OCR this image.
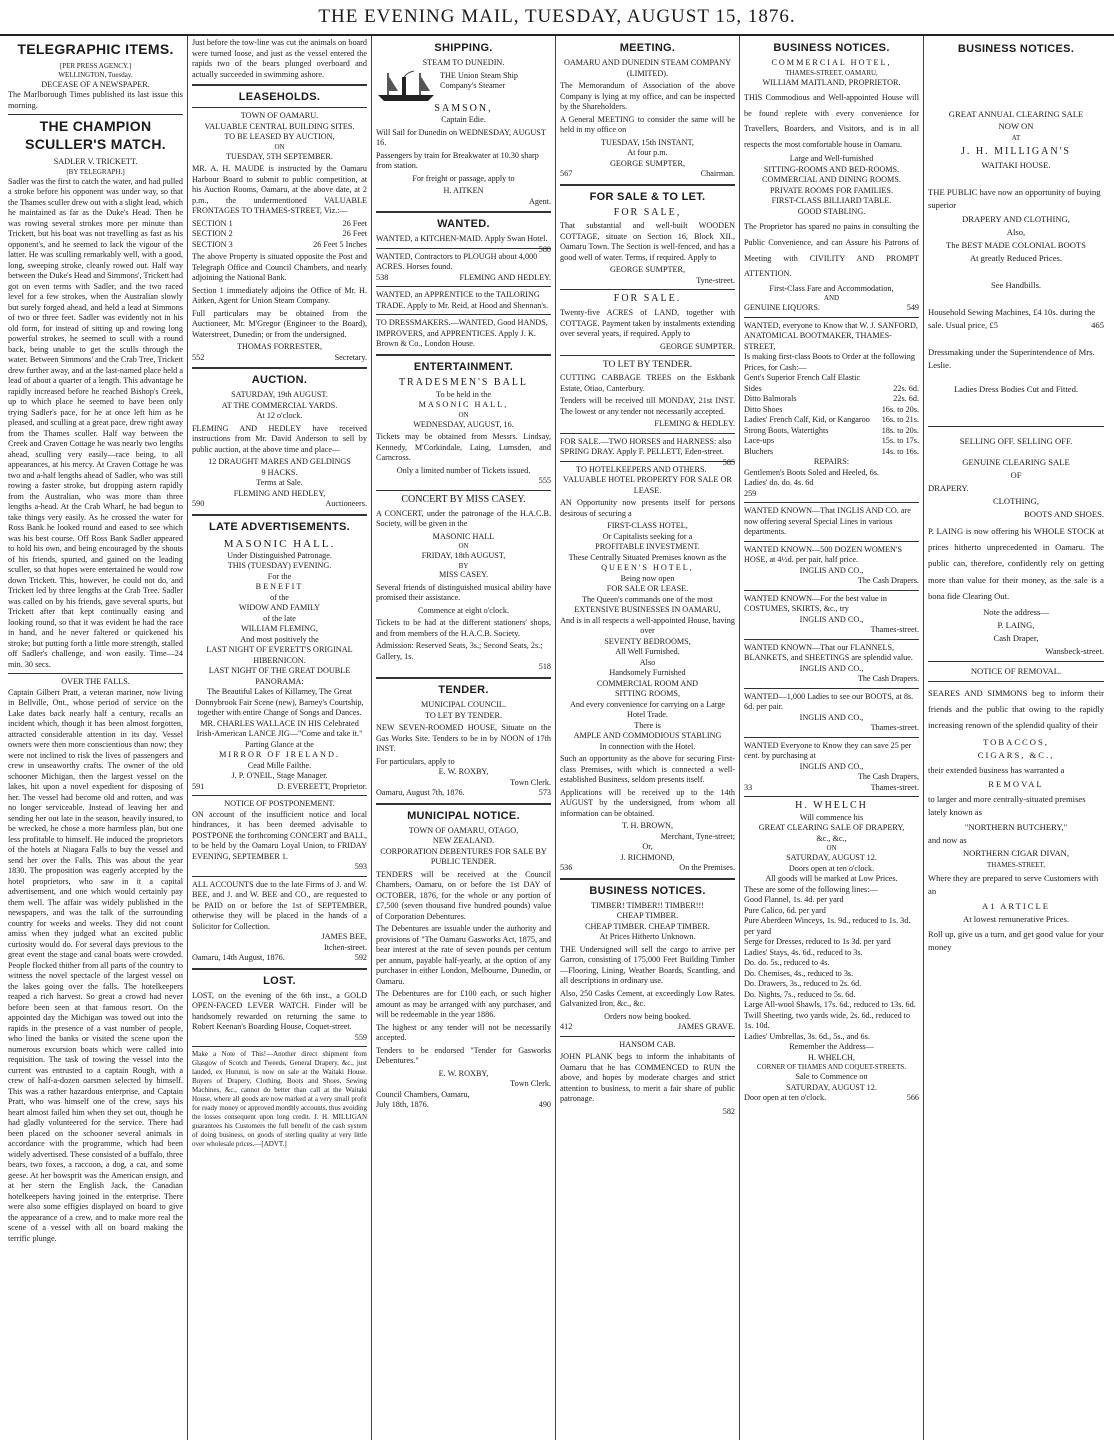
THE EVENING MAIL, TUESDAY, AUGUST 15, 1876.
TELEGRAPHIC ITEMS.
[PER PRESS AGENCY.]
WELLINGTON, Tuesday.
DECEASE OF A NEWSPAPER.
The Marlborough Times published its last issue this morning.
THE CHAMPION SCULLER'S MATCH.
SADLER V. TRICKETT.
[BY TELEGRAPH.]
Sadler was the first to catch the water, and had pulled a stroke before his opponent was under way, so that the Thames sculler drew out with a slight lead, which he maintained as far as the Duke's Head. Then he was rowing several strokes more per minute than Trickett, but his boat was not travelling as fast as his opponent's, and he seemed to lack the vigour of the latter. He was sculling remarkably well, with a good, long, sweeping stroke, cleanly rowed out. Half way between the Duke's Head and Simmons', Trickett had got on even terms with Sadler, and the two raced level for a few strokes, when the Australian slowly but surely forged ahead, and held a lead at Simmons of two or three feet. Sadler was evidently not in his old form, for instead of sitting up and rowing long powerful strokes, he seemed to scull with a round back, being unable to get the sculls through the water. Between Simmons' and the Crab Tree, Trickett drew further away, and at the last-named place held a lead of about a quarter of a length. This advantage he rapidly increased before he reached Bishop's Creek, up to which place he seemed to have been only trying Sadler's pace, for he at once left him as he pleased, and sculling at a great pace, drew right away from the Thames sculler. Half way between the Creek and Craven Cottage he was nearly two lengths ahead, sculling very easily—race being, to all appearances, at his mercy. At Craven Cottage he was two and a-half lengths ahead of Sadler, who was still rowing a faster stroke, but dropping astern rapidly from the Australian, who was more than three lengths a-head. At the Crab Wharf, he had begun to take things very easily. As he crossed the water for Ross Bank he looked round and eased to see which was his best course. Off Ross Bank Sadler appeared to hold his own, and being encouraged by the shouts of his friends, spurted, and gained on the leading sculler, so that hopes were entertained he would row down Trickett. This, however, he could not do, and Trickett led by three lengths at the Crab Tree. Sadler was called on by his friends, gave several spurts, but Trickett after that kept continually easing and looking round, so that it was evident he had the race in hand, and he never faltered or quickened his stroke; but putting forth a little more strength, stalled off Sadler's challenge, and won easily. Time—24 min. 30 secs.
OVER THE FALLS.
Captain Gilbert Pratt, a veteran mariner, now living in Bellville, Ont., whose period of service on the Lake dates back nearly half a century, recalls an incident which, though it has been almost forgotten, attracted considerable attention in its day. Vessel owners were then more conscientious than now; they were not inclined to risk the lives of passengers and crew in unseaworthy crafts. The owner of the old schooner Michigan, then the largest vessel on the lakes, hit upon a novel expedient for disposing of her. The vessel had become old and rotten, and was no longer serviceable. Instead of leaving her and sending her out late in the season, heavily insured, to be wrecked, he chose a more harmless plan, but one less profitable to himself. He induced the proprietors of the hotels at Niagara Falls to buy the vessel and send her over the Falls. This was about the year 1830. The proposition was eagerly accepted by the hotel proprietors, who saw in it a capital advertisement, and one which would certainly pay them well. The affair was widely published in the newspapers, and was the talk of the surrounding country for weeks and weeks. They did not count amiss when they judged what an excited public curiosity would do. For several days previous to the great event the stage and canal boats were crowded. People flocked thither from all parts of the country to witness the novel spectacle of the largest vessel on the lakes going over the falls. The hotelkeepers reaped a rich harvest. So great a crowd had never before been seen at that famous resort. On the appointed day the Michigan was towed out into the rapids in the presence of a vast number of people, who lined the banks or visited the scene upon the numerous excursion boats which were called into requisition. The task of towing the vessel into the current was entrusted to a captain Rough, with a crew of half-a-dozen oarsmen selected by himself. This was a rather hazardous enterprise, and Captain Pratt, who was himself one of the crew, says his heart almost failed him when they set out, though he had gladly volunteered for the service. There had been placed on the schooner several animals in accordance with the programme, which had been widely advertised. These consisted of a buffalo, three bears, two foxes, a raccoon, a dog, a cat, and some geese. At her bowsprit was the American ensign, and at her stern the English Jack, the Canadian hotelkeepers having joined in the enterprise. There were also some effigies displayed on board to give the appearance of a crew, and to make more real the scene of a vessel with all on board making the terrific plunge.
Just before the tow-line was cut the animals on board were turned loose, and just as the vessel entered the rapids two of the bears plunged overboard and actually succeeded in swimming ashore.
LEASEHOLDS.
TOWN OF OAMARU.
VALUABLE CENTRAL BUILDING SITES.
TO BE LEASED BY AUCTION,
ON
TUESDAY, 5TH SEPTEMBER.

MR. A. H. MAUDE is instructed by the Oamaru Harbour Board to submit to public competition, at his Auction Rooms, Oamaru, at the above date, at 2 p.m., the undermentioned VALUABLE FRONTAGES TO THAMES-STREET, Viz.:—

SECTION 1	26 Feet
SECTION 2	26 Feet
SECTION 3	26 Feet 5 Inches

The above Property is situated opposite the Post and Telegraph Office and Council Chambers, and nearly adjoining the National Bank.

Section 1 immediately adjoins the Office of Mr. H. Aitken, Agent for Union Steam Company.

Full particulars may be obtained from the Auctioneer, Mr. M'Gregor (Engineer to the Board), Waterstreet, Dunedin; or from the undersigned.

THOMAS FORRESTER,
552	Secretary.
AUCTION.
SATURDAY, 19th AUGUST.
AT THE COMMERCIAL YARDS.
At 12 o'clock.

FLEMING AND HEDLEY have received instructions from Mr. David Anderson to sell by public auction, at the above time and place—

12 DRAUGHT MARES AND GELDINGS
9 HACKS.
Terms at Sale.
FLEMING AND HEDLEY,
590	Auctioneers.
LATE ADVERTISEMENTS.
MASONIC HALL.
Under Distinguished Patronage.
THIS (TUESDAY) EVENING.
For the
BENEFIT
of the
WIDOW AND FAMILY
of the late
WILLIAM FLEMING,
And most positively the
LAST NIGHT OF EVERETT'S ORIGINAL HIBERNICON.
LAST NIGHT OF THE GREAT DOUBLE PANORAMA:
The Beautiful Lakes of Killarney, The Great Donnybrook Fair Scene (new), Barney's Courtship, together with entire Change of Songs and Dances.
MR. CHARLES WALLACE IN HIS Celebrated Irish-American LANCE JIG—"Come and take it."
Parting Glance at the
MIRROR OF IRELAND.
Cead Mille Failthe.
J. P. O'NEIL, Stage Manager.
591	D. EVEREETT, Proprietor.
NOTICE OF POSTPONEMENT.
ON account of the insufficient notice and local hindrances, it has been deemed advisable to POSTPONE the forthcoming CONCERT and BALL, to be held by the Oamaru Loyal Union, to FRIDAY EVENING, SEPTEMBER 1.
593
ALL ACCOUNTS due to the late Firms of J. and W. BEE, and J. and W. BEE and CO., are requested to be PAID on or before the 1st of SEPTEMBER, otherwise they will be placed in the hands of a Solicitor for Collection.
JAMES BEE,
Itchen-street.
Oamaru, 14th August, 1876.	592
LOST.
LOST, on the evening of the 6th inst., a GOLD OPEN-FACED LEVER WATCH. Finder will be handsomely rewarded on returning the same to Robert Keenan's Boarding House, Coquet-street.
559
Make a Note of This!—Another direct shipment from Glasgow of Scotch and Tweeds, General Drapery, &c., just landed, ex Hurunui, is now on sale at the Waitaki House. Buyers of Drapery, Clothing, Boots and Shoes, Sewing Machines, &c., cannot do better than call at the Waitaki House, where all goods are now marked at a very small profit for ready money or approved monthly accounts, thus avoiding the losses consequent upon long credit. J. H. MILLIGAN guarantees his Customers the full benefit of the cash system of doing business, on goods of sterling quality at very little over wholesale prices.—[ADVT.]
SHIPPING.
STEAM TO DUNEDIN.

THE Union Steam Ship Company's Steamer

SAMSON,
Captain Edie.

Will Sail for Dunedin on WEDNESDAY, AUGUST 16.

Passengers by train for Breakwater at 10.30 sharp from station.

For freight or passage, apply to

H. AITKEN
Agent.
WANTED.
WANTED, a KITCHEN-MAID. Apply Swan Hotel.
580
WANTED, Contractors to PLOUGH about 4,000 ACRES. Horses found.
538	FLEMING AND HEDLEY.
WANTED, an APPRENTICE to the TAILORING TRADE. Apply to Mr. Reid, at Hood and Shennan's.
TO DRESSMAKERS.—WANTED, Good HANDS, IMPROVERS, and APPRENTICES. Apply J. K. Brown & Co., London House.
ENTERTAINMENT.
TRADESMEN'S BALL
To be held in the
MASONIC HALL,
ON
WEDNESDAY, AUGUST, 16.

Tickets may be obtained from Messrs. Lindsay, Kennedy, M'Corkindale, Laing, Lumsden, and Carncross.

Only a limited number of Tickets issued.
555
CONCERT BY MISS CASEY.

A CONCERT, under the patronage of the H.A.C.B. Society, will be given in the

MASONIC HALL
ON
FRIDAY, 18th AUGUST,
BY
MISS CASEY.

Several friends of distinguished musical ability have promised their assistance.

Commence at eight o'clock.

Tickets to be had at the different stationers' shops, and from members of the H.A.C.B. Society.

Admission: Reserved Seats, 3s.; Second Seats, 2s.; Gallery, 1s.
518
TENDER.
MUNICIPAL COUNCIL.
TO LET BY TENDER.

NEW SEVEN-ROOMED HOUSE, Situate on the Gas Works Site. Tenders to be in by NOON of 17th INST.

For particulars, apply to
E. W. ROXBY,
Town Clerk.
Oamaru, August 7th, 1876.	573
MUNICIPAL NOTICE.
TOWN OF OAMARU, OTAGO,
NEW ZEALAND.
CORPORATION DEBENTURES FOR SALE BY PUBLIC TENDER.

TENDERS will be received at the Council Chambers, Oamaru, on or before the 1st DAY of OCTOBER, 1876, for the whole or any portion of £7,500 (seven thousand five hundred pounds) value of Corporation Debentures.

The Debentures are issuable under the authority and provisions of "The Oamaru Gasworks Act, 1875, and bear interest at the rate of seven pounds per centum per annum, payable half-yearly, at the option of any purchaser in either London, Melbourne, Dunedin, or Oamaru.

The Debentures are for £100 each, or such higher amount as may be arranged with any purchaser, and will be redeemable in the year 1886.

The highest or any tender will not be necessarily accepted.

Tenders to be endorsed "Tender for Gasworks Debentures."

E. W. ROXBY,
Town Clerk.
Council Chambers, Oamaru,
July 18th, 1876.	490
MEETING.
OAMARU AND DUNEDIN STEAM COMPANY (LIMITED).

The Memorandum of Association of the above Company is lying at my office, and can be inspected by the Shareholders.

A General MEETING to consider the same will be held in my office on

TUESDAY, 15th INSTANT,
At four p.m.
GEORGE SUMPTER,
567	Chairman.
FOR SALE & TO LET.
FOR SALE,

That substantial and well-built WOODEN COTTAGE, situate on Section 16, Block XII., Oamaru Town. The Section is well-fenced, and has a good well of water. Terms, if required. Apply to

GEORGE SUMPTER,
Tyne-street.
FOR SALE.

Twenty-five ACRES of LAND, together with COTTAGE. Payment taken by instalments extending over several years, if required. Apply to

GEORGE SUMPTER.
TO LET BY TENDER.

CUTTING CABBAGE TREES on the Eskbank Estate, Otiao, Canterbury.

Tenders will be received till MONDAY, 21st INST. The lowest or any tender not necessarily accepted.

FLEMING & HEDLEY.
FOR SALE.—TWO HORSES and HARNESS: also SPRING DRAY. Apply F. PELLETT, Eden-street.
585
TO HOTELKEEPERS AND OTHERS.
VALUABLE HOTEL PROPERTY FOR SALE OR LEASE.

AN Opportunity now presents itself for persons desirous of securing a

FIRST-CLASS HOTEL,
Or Capitalists seeking for a
PROFITABLE INVESTMENT.
These Centrally Situated Premises known as the
QUEEN'S HOTEL,
Being now open
FOR SALE OR LEASE.
The Queen's commands one of the most
EXTENSIVE BUSINESSES IN OAMARU,
And is in all respects a well-appointed House, having over
SEVENTY BEDROOMS,
All Well Furnished.
Also
Handsomely Furnished
COMMERCIAL ROOM AND
SITTING ROOMS,
And every convenience for carrying on a Large Hotel Trade.
There is
AMPLE AND COMMODIOUS STABLING
In connection with the Hotel.

Such an opportunity as the above for securing First-class Premises, with which is connected a well-established Business, seldom presents itself.

Applications will be received up to the 14th AUGUST by the undersigned, from whom all information can be obtained.

T. H. BROWN,
Merchant, Tyne-street;
Or,
J. RICHMOND,
536	On the Premises.
BUSINESS NOTICES.
TIMBER! TIMBER!! TIMBER!!!
CHEAP TIMBER.
CHEAP TIMBER. CHEAP TIMBER.
At Prices Hitherto Unknown.

THE Undersigned will sell the cargo to arrive per Garron, consisting of 175,000 Feet Building Timber—Flooring, Lining, Weather Boards, Scantling, and all descriptions in ordinary use.

Also, 250 Casks Cement, at exceedingly Low Rates. Galvanized Iron, &c., &c.

Orders now being booked.
412	JAMES GRAVE.
HANSOM CAB.

JOHN PLANK begs to inform the inhabitants of Oamaru that he has COMMENCED to RUN the above, and hopes by moderate charges and strict attention to business, to merit a fair share of public patronage.

582
BUSINESS NOTICES.
COMMERCIAL HOTEL,
THAMES-STREET, OAMARU,
WILLIAM MAITLAND, PROPRIETOR.

THIS Commodious and Well-appointed House will be found replete with every convenience for Travellers, Boarders, and Visitors, and is in all respects the most comfortable house in Oamaru.

Large and Well-furnished
SITTING-ROOMS AND BED-ROOMS.
COMMERCIAL AND DINING ROOMS.
PRIVATE ROOMS FOR FAMILIES.
FIRST-CLASS BILLIARD TABLE.
GOOD STABLING.

The Proprietor has spared no pains in consulting the Public Convenience, and can Assure his Patrons of Meeting with CIVILITY AND PROMPT ATTENTION.

First-Class Fare and Accommodation,
AND
GENUINE LIQUORS.	549
WANTED, everyone to Know that W. J. SANFORD, ANATOMICAL BOOTMAKER, THAMES-STREET,
Is making first-class Boots to Order at the following Prices, for Cash:—
Gent's Superior French Calf Elastic
Sides	22s. 6d.
Ditto Balmorals	22s. 6d.
Ditto Shoes	16s. to 20s.
Ladies' French Calf, Kid, or Kangaroo 16s. to 21s.
Strong Boots, Watertights	18s. to 20s.
Lace-ups	15s. to 17s.
Bluchers	14s. to 16s.
REPAIRS:
Gentlemen's Boots Soled and Heeled, 6s.
Ladies' do. do. 4s. 6d
259
WANTED KNOWN—That INGLIS AND CO. are now offering several Special Lines in various departments.
WANTED KNOWN—500 DOZEN WOMEN'S HOSE, at 4½d. per pair, half price.
INGLIS AND CO.,
The Cash Drapers.
WANTED KNOWN—For the best value in COSTUMES, SKIRTS, &c., try
INGLIS AND CO.,
Thames-street.
WANTED KNOWN—That our FLANNELS, BLANKETS, and SHEETINGS are splendid value.
INGLIS AND CO.,
The Cash Drapers.
WANTED—1,000 Ladies to see our BOOTS, at 8s. 6d. per pair.
INGLIS AND CO.,
Thames-street.
WANTED Everyone to Know they can save 25 per cent. by purchasing at
INGLIS AND CO.,
The Cash Drapers,
33	Thames-street.
H. WHELCH
Will commence his
GREAT CLEARING SALE OF DRAPERY,
&c., &c.,
ON
SATURDAY, AUGUST 12.
Doors open at ten o'clock.
All goods will be marked at Low Prices.
These are some of the following lines:—
Good Flannel, 1s. 4d. per yard
Pure Calico, 6d. per yard
Pure Aberdeen Winceys, 1s. 9d., reduced to 1s. 3d. per yard
Serge for Dresses, reduced to 1s 3d. per yard
Ladies' Stays, 4s. 6d., reduced to 3s.
Do. do. 5s., reduced to 4s.
Do. Chemises, 4s., reduced to 3s.
Do. Drawers, 3s., reduced to 2s. 6d.
Do. Nights, 7s., reduced to 5s. 6d.
Large All-wool Shawls, 17s. 6d., reduced to 13s. 6d.
Twill Sheeting, two yards wide, 2s. 6d., reduced to 1s. 10d.
Ladies' Umbrellas, 3s. 6d., 5s., and 6s.
Remember the Address—
H. WHELCH,
CORNER OF THAMES AND COQUET-STREETS.
Sale to Commence on
SATURDAY, AUGUST 12.
Door open at ten o'clock.	566
BUSINESS NOTICES.
GREAT ANNUAL CLEARING SALE
NOW ON
AT
J. H. MILLIGAN'S
WAITAKI HOUSE.

THE PUBLIC have now an opportunity of buying superior

DRAPERY AND CLOTHING,
Also,
The BEST MADE COLONIAL BOOTS
At greatly Reduced Prices.
See Handbills.

Household Sewing Machines, £4 10s. during the sale. Usual price, £5	465

Dressmaking under the Superintendence of Mrs. Leslie.

Ladies Dress Bodies Cut and Fitted.
SELLING OFF. SELLING OFF.
GENUINE CLEARING SALE
OF
DRAPERY.
CLOTHING,
BOOTS AND SHOES.

P. LAING is now offering his WHOLE STOCK at prices hitherto unprecedented in Oamaru. The public can, therefore, confidently rely on getting more than value for their money, as the sale is a bona fide Clearing Out.

Note the address—
P. LAING,
Cash Draper,
Wansbeck-street.
NOTICE OF REMOVAL.

SEARES AND SIMMONS beg to inform their friends and the public that owing to the rapidly increasing renown of the splendid quality of their

TOBACCOS,
CIGARS, &C.,

their extended business has warranted a

REMOVAL

to larger and more centrally-situated premises lately known as

"NORTHERN BUTCHERY,"
and now as
NORTHERN CIGAR DIVAN,
THAMES-STREET,

Where they are prepared to serve Customers with an

A1 ARTICLE
At lowest remunerative Prices.

Roll up, give us a turn, and get good value for your money
